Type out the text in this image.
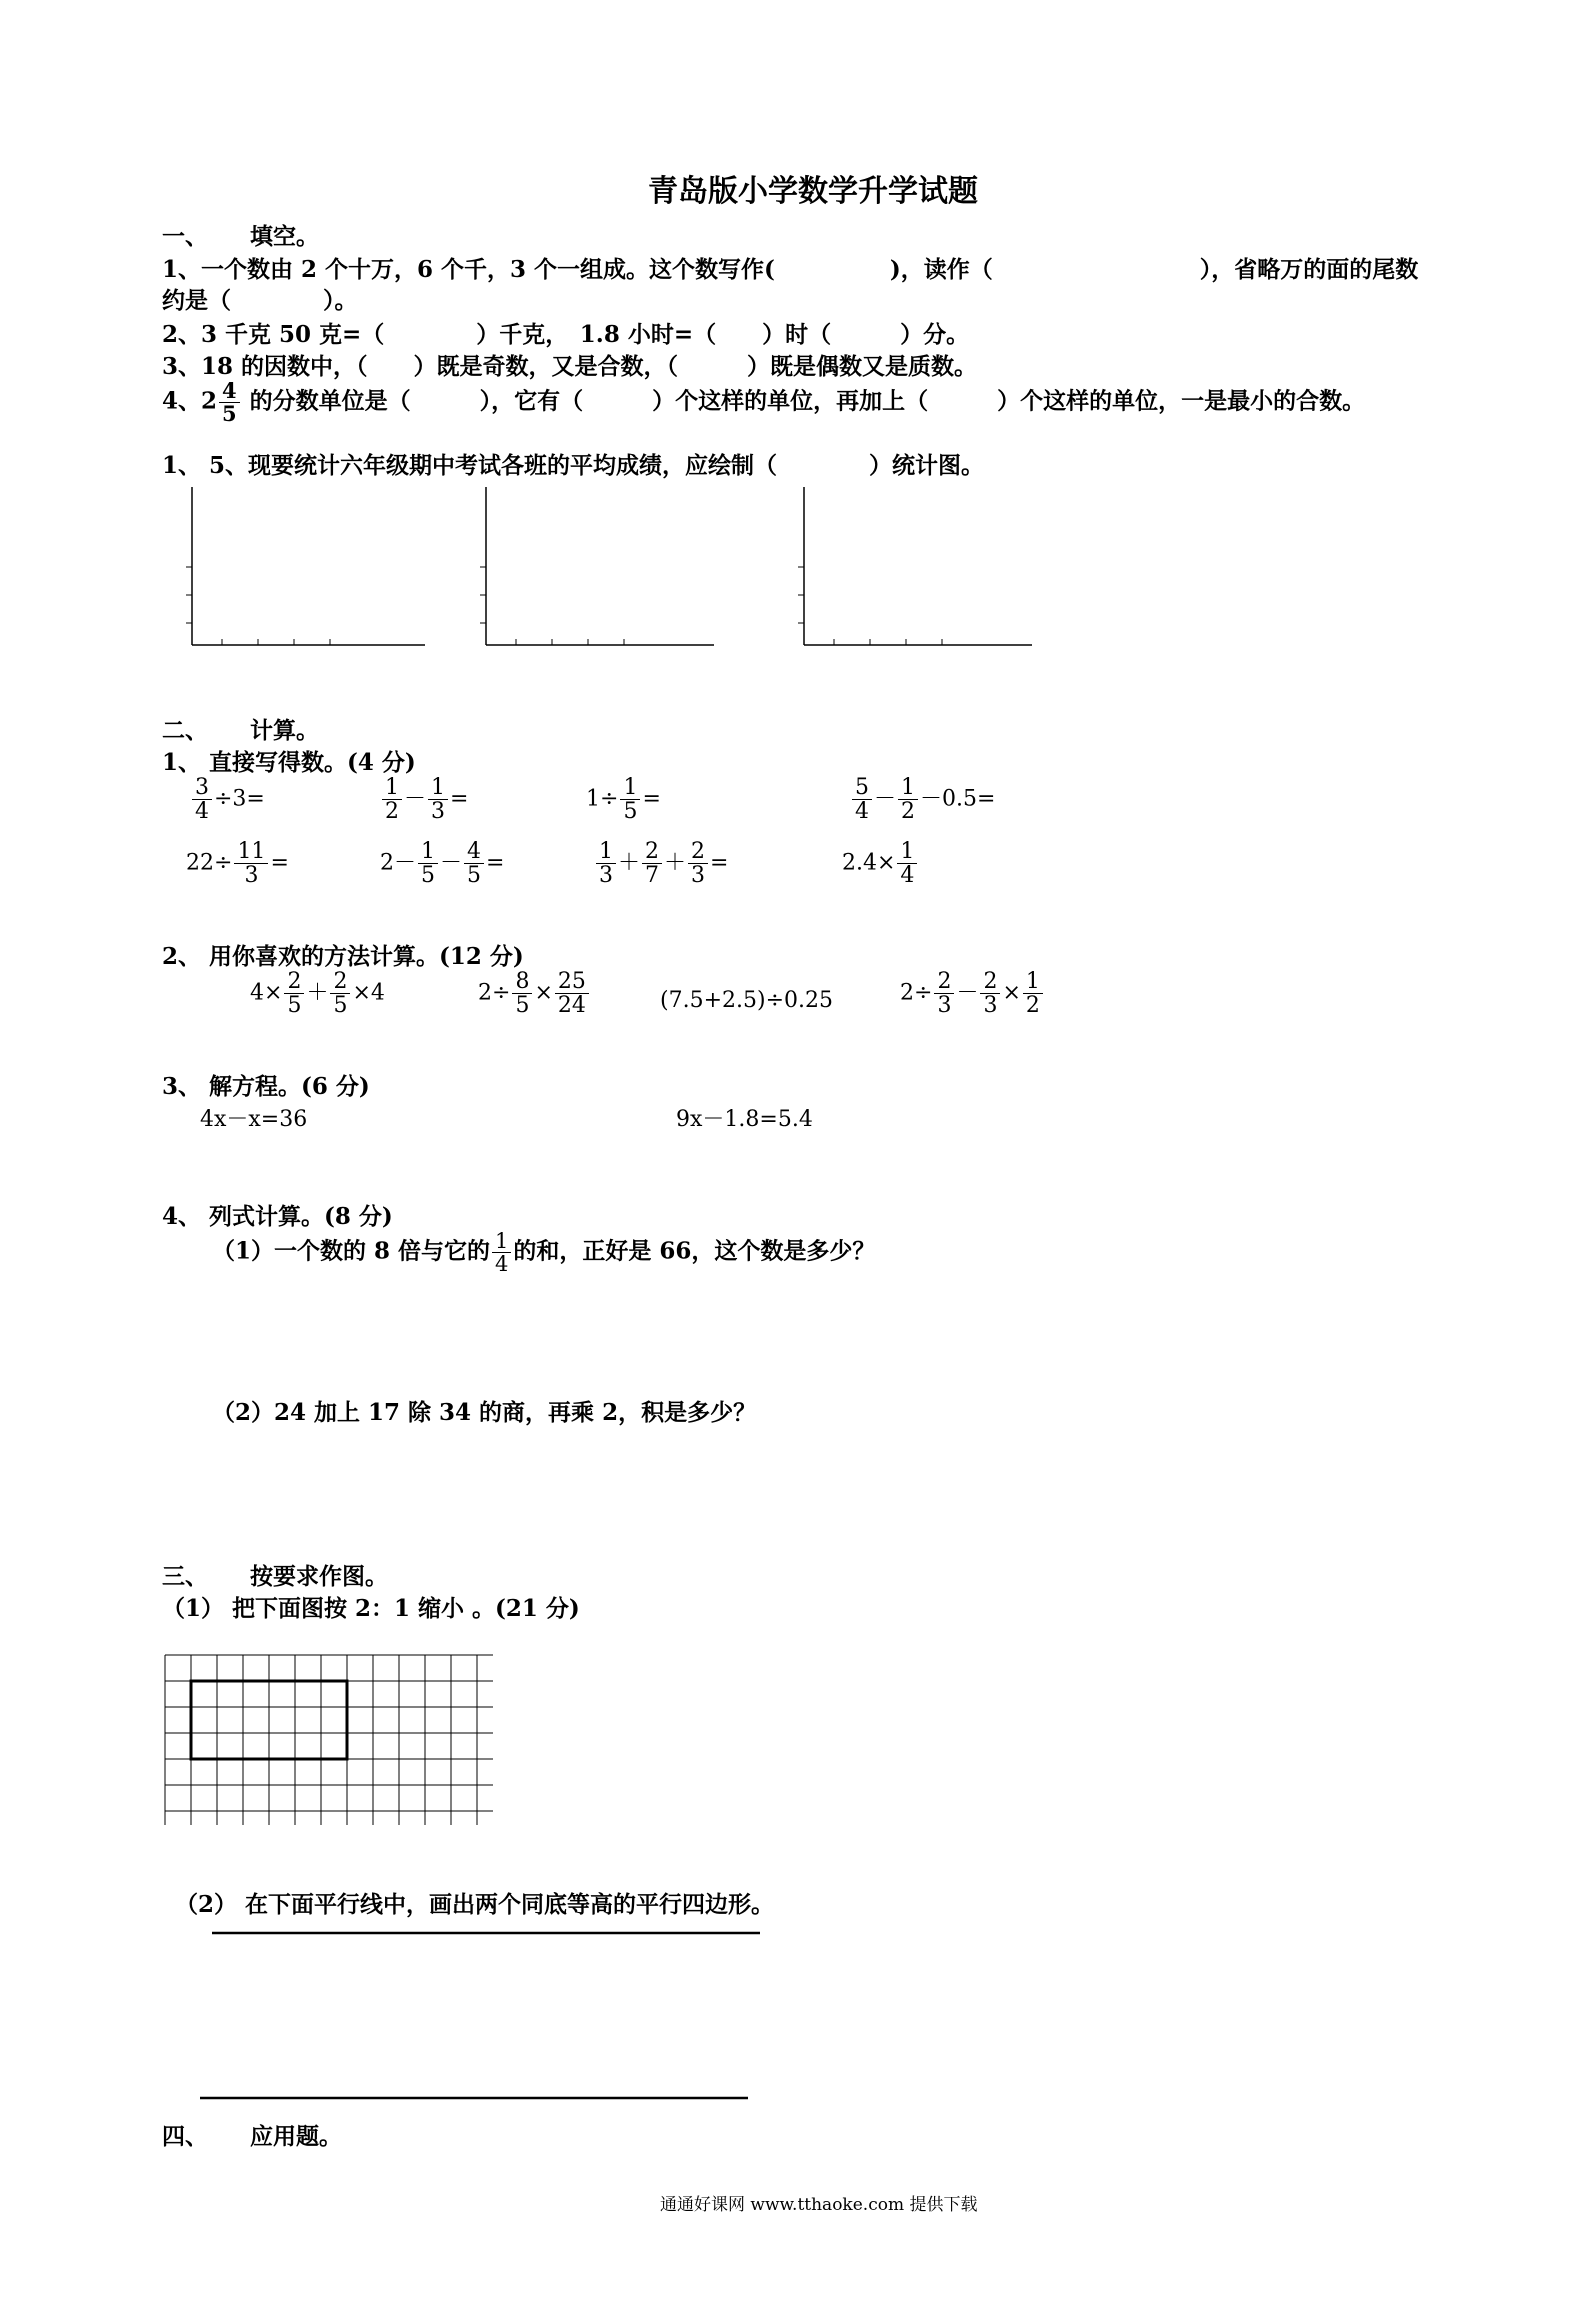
青岛版小学数学升学试题
一、 填空。
1、一个数由 2 个十万，6 个千，3 个一组成。这个数写作(　　　　　)，读作（　　　　　　　　　），省略万的面的尾数
约是（　　　　）。
2、3 千克 50 克=（　　　　）千克，　1.8 小时=（　　）时（　　　）分。
3、18 的因数中，（　　）既是奇数，又是合数，（　　　）既是偶数又是质数。
4、$2 \frac{4}{5}$ 的分数单位是（　　　），它有（　　　）个这样的单位，再加上（　　　）个这样的单位，一是最小的合数。
1、 5、现要统计六年级期中考试各班的平均成绩，应绘制（　　　　）统计图。
二、 计算。
1、 直接写得数。(4 分)
$\frac{3}{4} \div 3=$	$\frac{1}{2} - \frac{1}{3}$ =	$1\div \frac{1}{5}$ =	$\frac{5}{4} - \frac{1}{2} -0.5=$
$22\div \frac{11}{3}$ =	$2- \frac{1}{5} - \frac{4}{5}$ =	$\frac{1}{3} + \frac{2}{7} + \frac{2}{3}$ =	$2.4\times \frac{1}{4}$
2、 用你喜欢的方法计算。(12 分)
$4\times \frac{2}{5} + \frac{2}{5} \times 4$	$2\div \frac{8}{5} \times \frac{25}{24}$	(7.5+2.5)÷0.25	$2\div \frac{2}{3} - \frac{2}{3} \times \frac{1}{2}$
3、 解方程。(6 分)
4x－x=36	9x－1.8=5.4
4、 列式计算。(8 分)
（1）一个数的 8 倍与它的 $\frac{1}{4}$ 的和，正好是 66，这个数是多少？
（2）24 加上 17 除 34 的商，再乘 2，积是多少？
三、 按要求作图。
（1） 把下面图按 2：1 缩小 。(21 分)
（2） 在下面平行线中，画出两个同底等高的平行四边形。
四、 应用题。
通通好课网 www.tthaoke.com 提供下载
